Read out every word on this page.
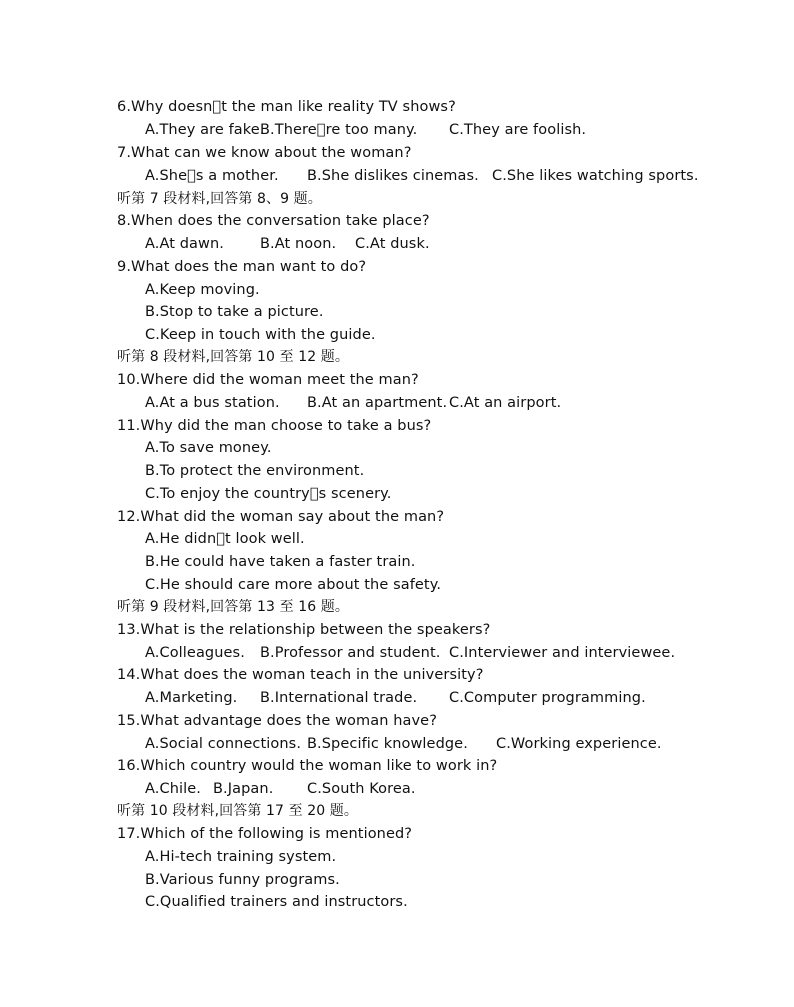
6.Why doesn t the man like reality TV shows?
A.They are fake.
B.There re too many. C.They are foolish.
7.What can we know about the woman?
A.She s a mother. B.She dislikes cinemas. C.She likes watching sports.
听第 7 段材料,回答第 8、9 题。
8.When does the conversation take place?
A.At dawn. B.At noon. C.At dusk.
9.What does the man want to do?
A.Keep moving.
B.Stop to take a picture.
C.Keep in touch with the guide.
听第 8 段材料,回答第 10 至 12 题。
10.Where did the woman meet the man?
A.At a bus station. B.At an apartment. C.At an airport.
11.Why did the man choose to take a bus?
A.To save money.
B.To protect the environment.
C.To enjoy the country s scenery.
12.What did the woman say about the man?
A.He didn t look well.
B.He could have taken a faster train.
C.He should care more about the safety.
听第 9 段材料,回答第 13 至 16 题。
13.What is the relationship between the speakers?
A.Colleagues. B.Professor and student. C.Interviewer and interviewee.
14.What does the woman teach in the university?
A.Marketing. B.International trade. C.Computer programming.
15.What advantage does the woman have?
A.Social connections. B.Specific knowledge. C.Working experience.
16.Which country would the woman like to work in?
A.Chile. B.Japan. C.South Korea.
听第 10 段材料,回答第 17 至 20 题。
17.Which of the following is mentioned?
A.Hi-tech training system.
B.Various funny programs.
C.Qualified trainers and instructors.
